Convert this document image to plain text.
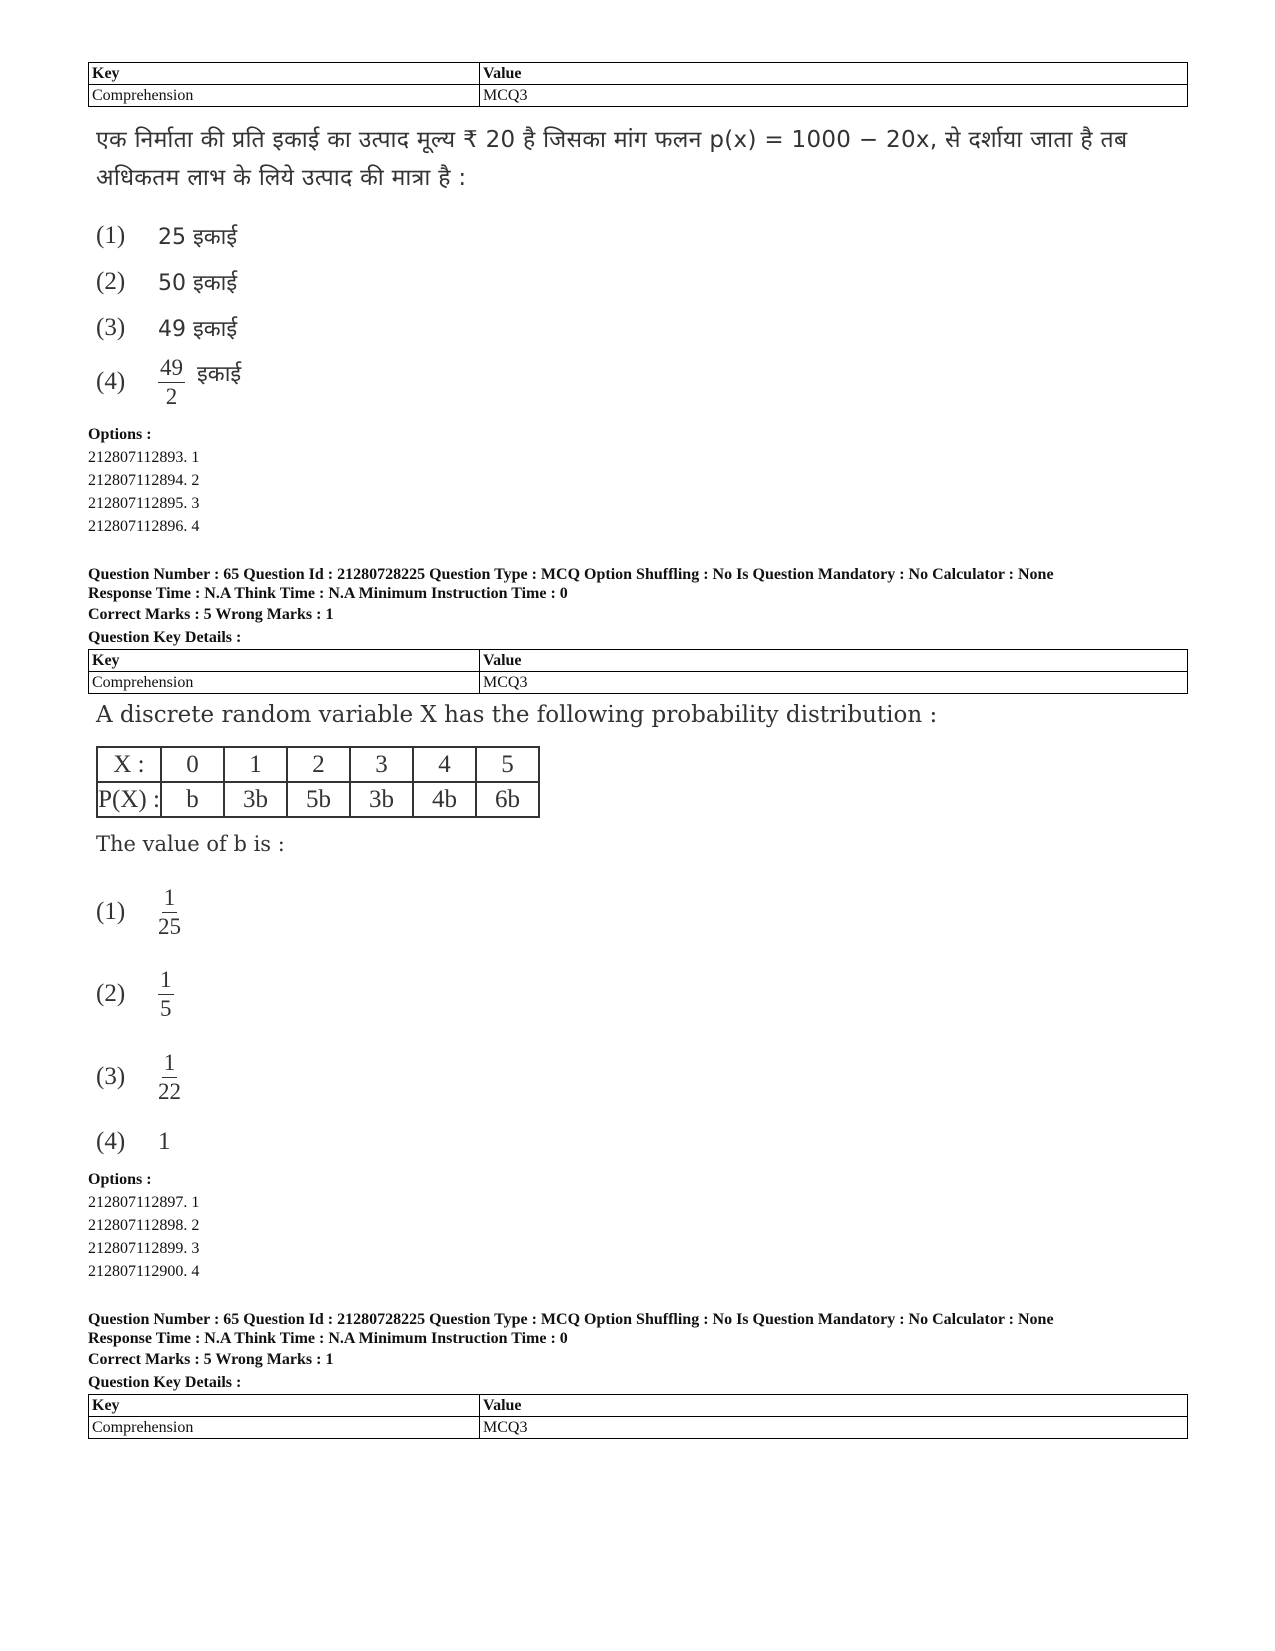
Key	Value
Comprehension	MCQ3
एक निर्माता की प्रति इकाई का उत्पाद मूल्य ₹ 20 है जिसका मांग फलन p(x) = 1000 − 20x, से दर्शाया जाता है तब अधिकतम लाभ के लिये उत्पाद की मात्रा है :
(1)	25 इकाई
(2)	50 इकाई
(3)	49 इकाई
(4)	$\frac{49}{2}$ इकाई
Options :
212807112893. 1
212807112894. 2
212807112895. 3
212807112896. 4
Question Number : 65 Question Id : 21280728225 Question Type : MCQ Option Shuffling : No Is Question Mandatory : No Calculator : None
Response Time : N.A Think Time : N.A Minimum Instruction Time : 0
Correct Marks : 5 Wrong Marks : 1
Question Key Details :
Key	Value
Comprehension	MCQ3
A discrete random variable X has the following probability distribution :
X :	0	1	2	3	4	5
P(X) :	b	3b	5b	3b	4b	6b
The value of b is :
(1)	$\frac{1}{25}$
(2)	$\frac{1}{5}$
(3)	$\frac{1}{22}$
(4)	1
Options :
212807112897. 1
212807112898. 2
212807112899. 3
212807112900. 4
Question Number : 65 Question Id : 21280728225 Question Type : MCQ Option Shuffling : No Is Question Mandatory : No Calculator : None
Response Time : N.A Think Time : N.A Minimum Instruction Time : 0
Correct Marks : 5 Wrong Marks : 1
Question Key Details :
Key	Value
Comprehension	MCQ3
